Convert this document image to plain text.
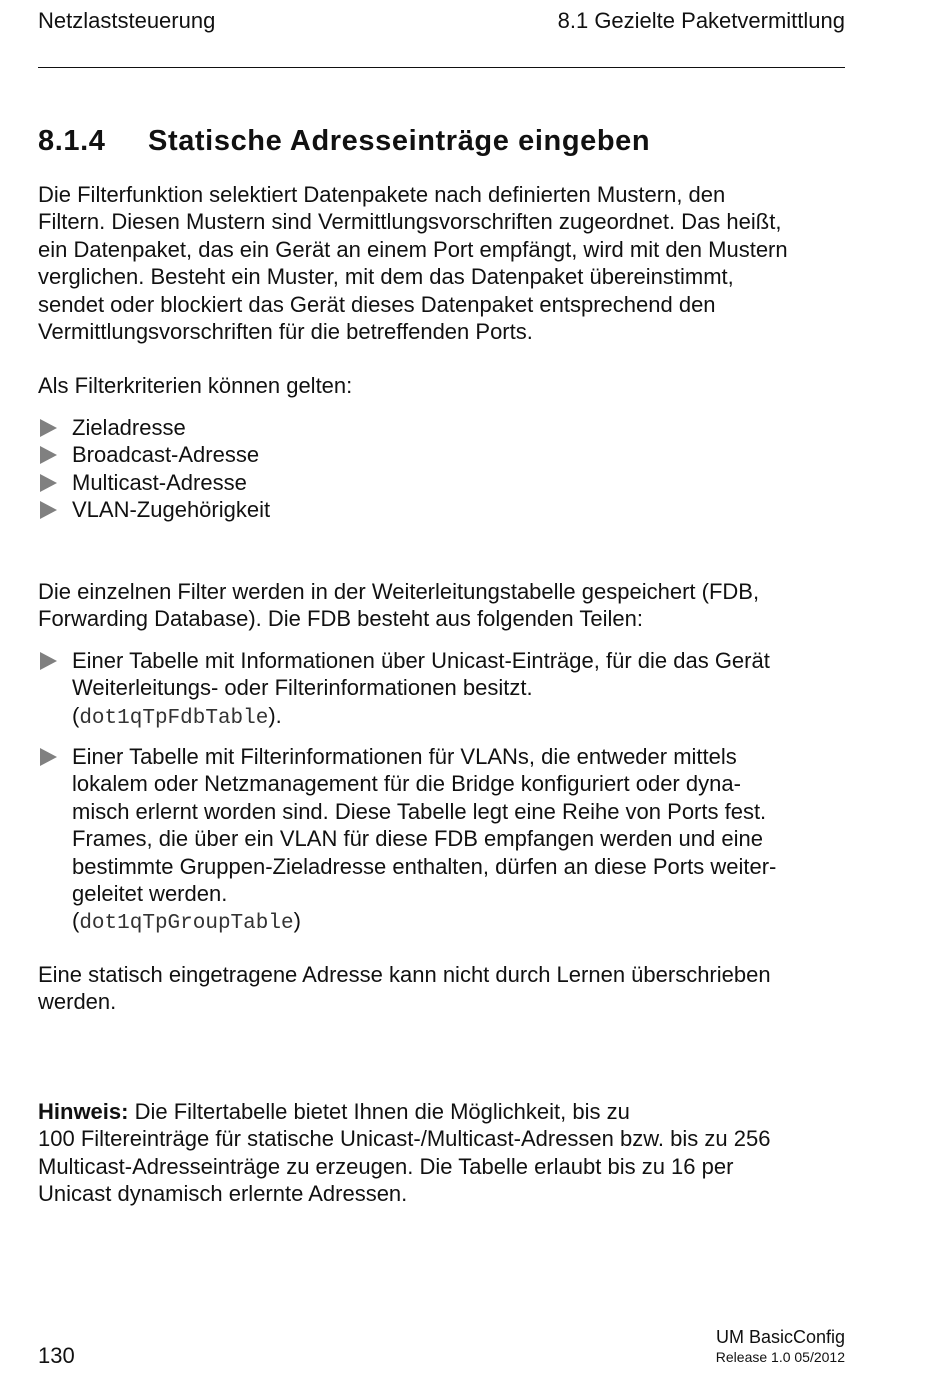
Netzlaststeuerung	8.1 Gezielte Paketvermittlung
8.1.4 Statische Adresseinträge eingeben
Die Filterfunktion selektiert Datenpakete nach definierten Mustern, den
Filtern. Diesen Mustern sind Vermittlungsvorschriften zugeordnet. Das heißt,
ein Datenpaket, das ein Gerät an einem Port empfängt, wird mit den Mustern
verglichen. Besteht ein Muster, mit dem das Datenpaket übereinstimmt,
sendet oder blockiert das Gerät dieses Datenpaket entsprechend den
Vermittlungsvorschriften für die betreffenden Ports.
Als Filterkriterien können gelten:
Zieladresse
Broadcast-Adresse
Multicast-Adresse
VLAN-Zugehörigkeit
Die einzelnen Filter werden in der Weiterleitungstabelle gespeichert (FDB,
Forwarding Database). Die FDB besteht aus folgenden Teilen:
Einer Tabelle mit Informationen über Unicast-Einträge, für die das Gerät
Weiterleitungs- oder Filterinformationen besitzt.
(dot1qTpFdbTable).
Einer Tabelle mit Filterinformationen für VLANs, die entweder mittels
lokalem oder Netzmanagement für die Bridge konfiguriert oder dyna-
misch erlernt worden sind. Diese Tabelle legt eine Reihe von Ports fest.
Frames, die über ein VLAN für diese FDB empfangen werden und eine
bestimmte Gruppen-Zieladresse enthalten, dürfen an diese Ports weiter-
geleitet werden.
(dot1qTpGroupTable)
Eine statisch eingetragene Adresse kann nicht durch Lernen überschrieben
werden.
Hinweis: Die Filtertabelle bietet Ihnen die Möglichkeit, bis zu
100 Filtereinträge für statische Unicast-/Multicast-Adressen bzw. bis zu 256
Multicast-Adresseinträge zu erzeugen. Die Tabelle erlaubt bis zu 16 per
Unicast dynamisch erlernte Adressen.
130
UM BasicConfig
Release 1.0 05/2012
